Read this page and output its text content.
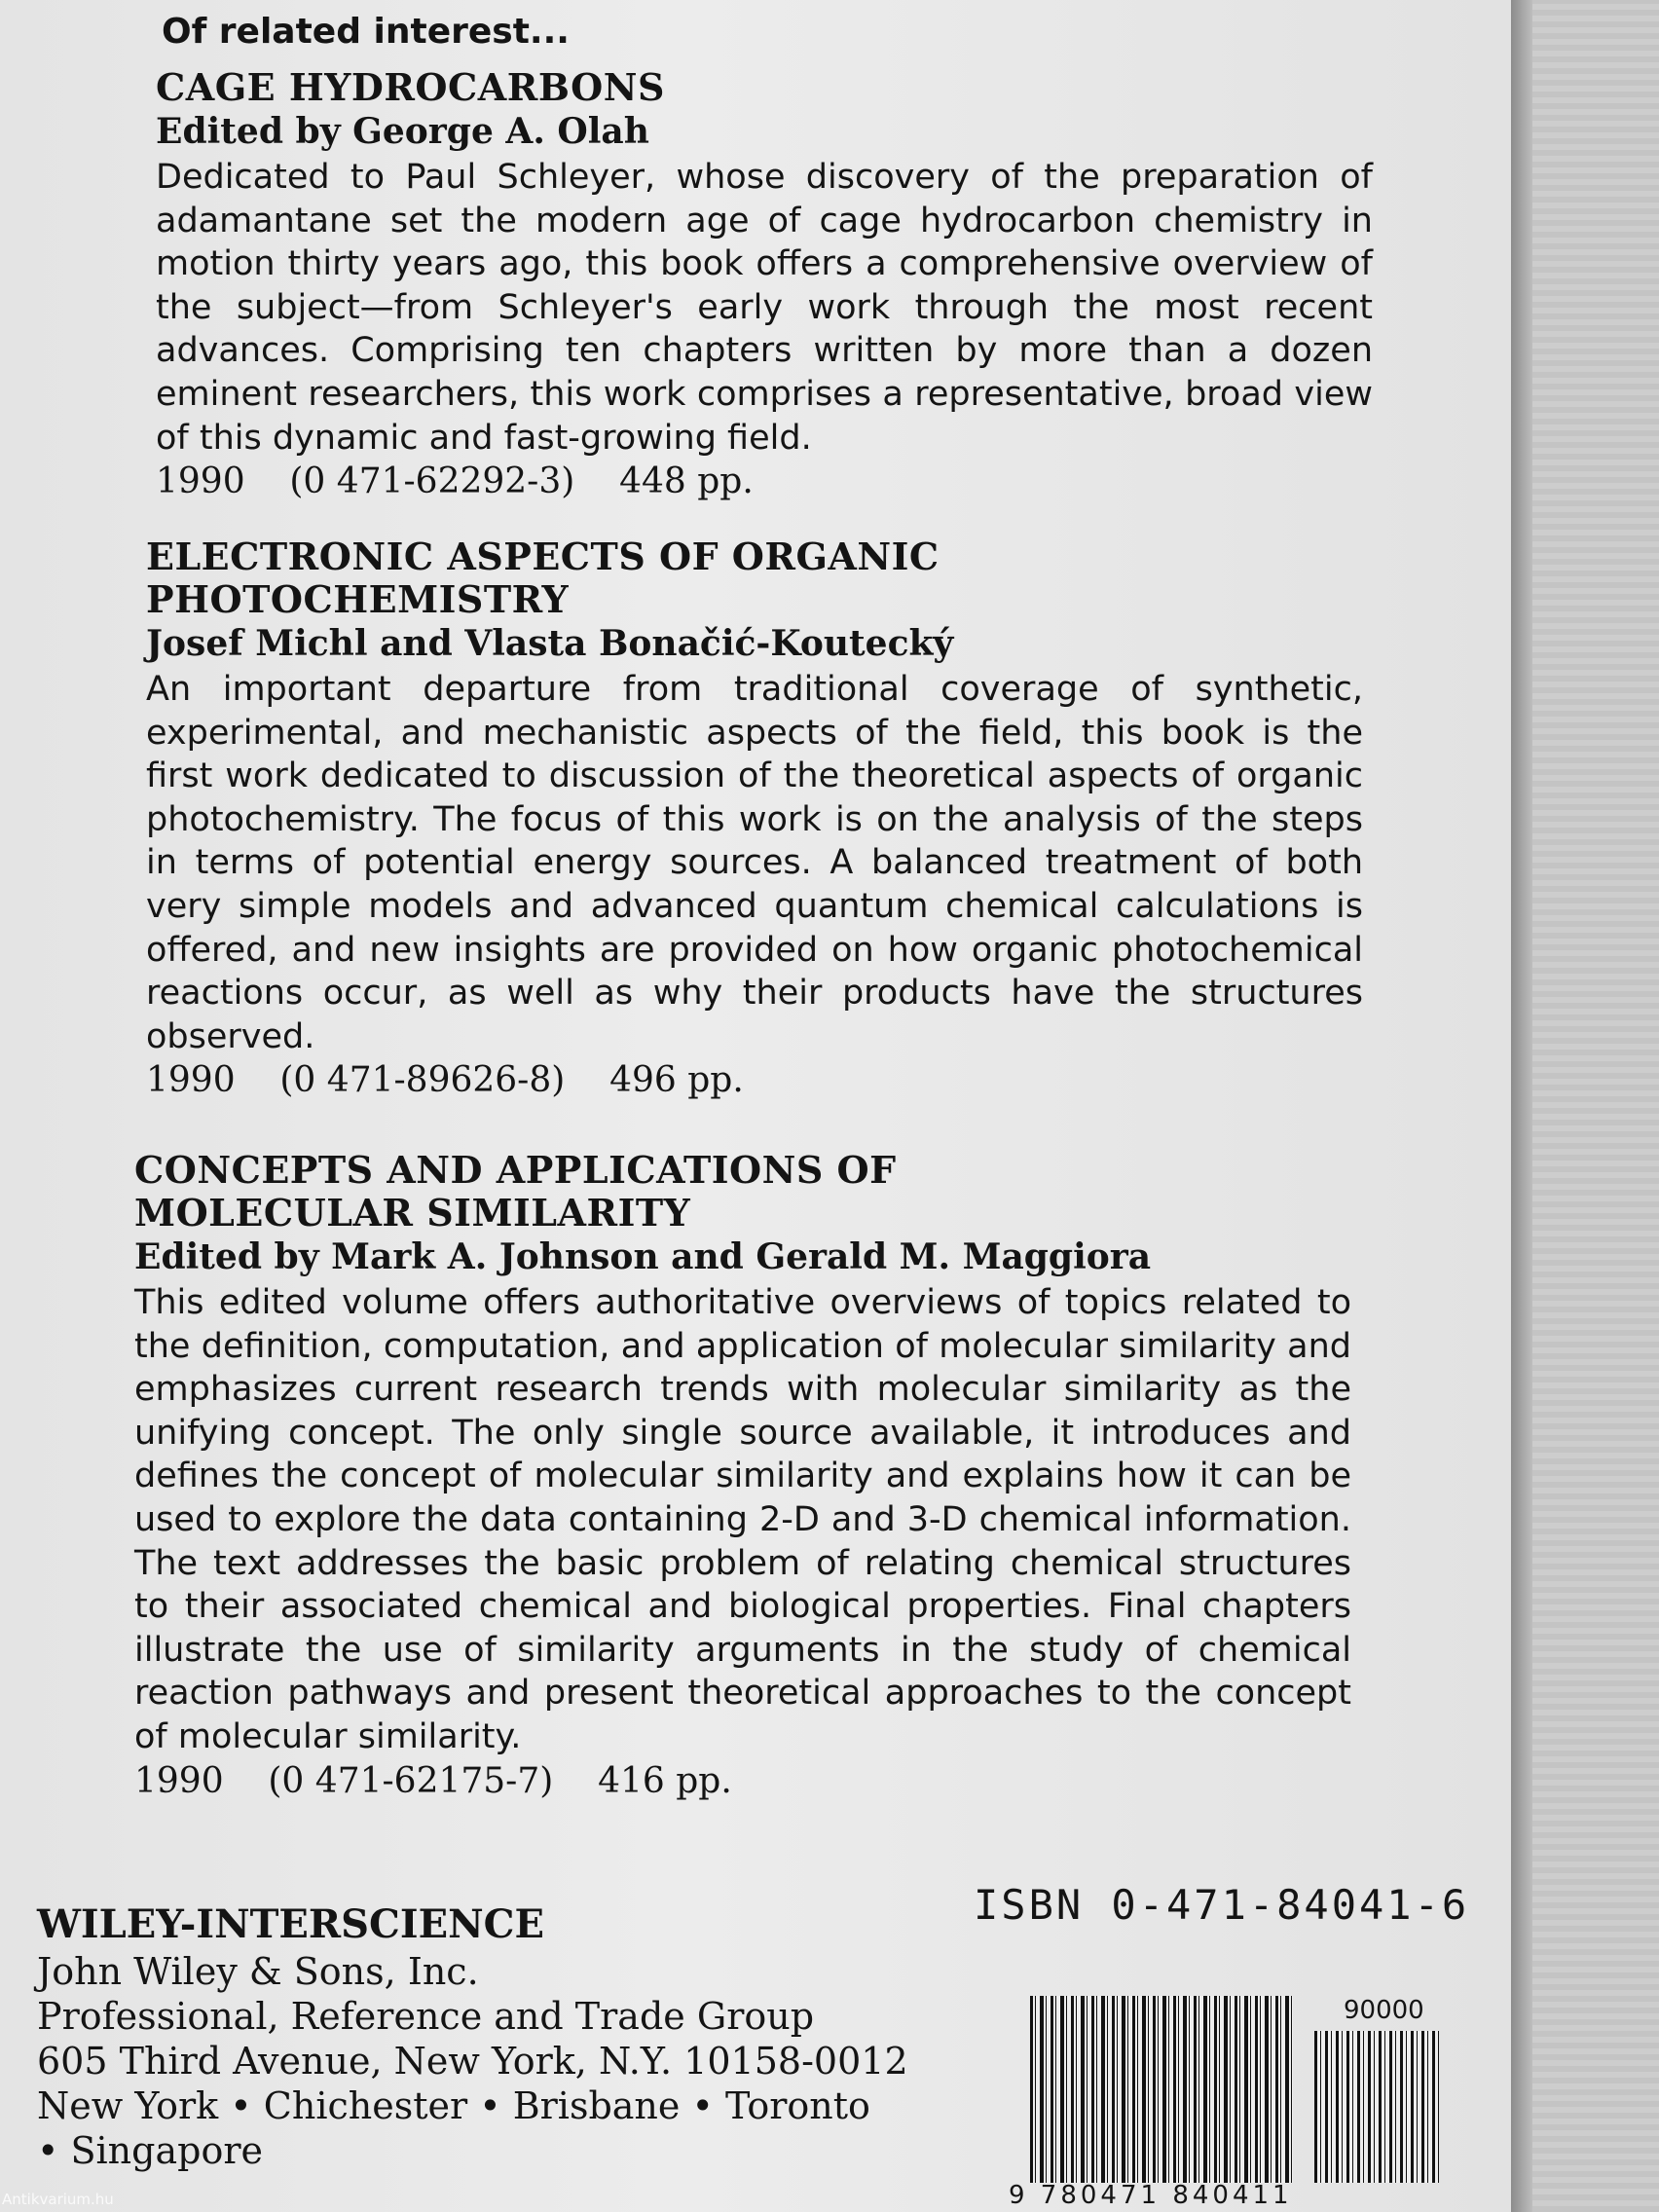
Of related interest...
CAGE HYDROCARBONS
Edited by George A. Olah
Dedicated to Paul Schleyer, whose discovery of the preparation of adamantane set the modern age of cage hydrocarbon chemistry in motion thirty years ago, this book offers a comprehensive overview of the subject—from Schleyer's early work through the most recent advances. Comprising ten chapters written by more than a dozen eminent researchers, this work comprises a representative, broad view of this dynamic and fast-growing field.
1990    (0 471-62292-3)    448 pp.
ELECTRONIC ASPECTS OF ORGANIC
PHOTOCHEMISTRY
Josef Michl and Vlasta Bonačić-Koutecký
An important departure from traditional coverage of synthetic, experimental, and mechanistic aspects of the field, this book is the first work dedicated to discussion of the theoretical aspects of organic photochemistry. The focus of this work is on the analysis of the steps in terms of potential energy sources. A balanced treatment of both very simple models and advanced quantum chemical calculations is offered, and new insights are provided on how organic photochemical reactions occur, as well as why their products have the structures observed.
1990    (0 471-89626-8)    496 pp.
CONCEPTS AND APPLICATIONS OF
MOLECULAR SIMILARITY
Edited by Mark A. Johnson and Gerald M. Maggiora
This edited volume offers authoritative overviews of topics related to the definition, computation, and application of molecular similarity and emphasizes current research trends with molecular similarity as the unifying concept. The only single source available, it introduces and defines the concept of molecular similarity and explains how it can be used to explore the data containing 2-D and 3-D chemical information. The text addresses the basic problem of relating chemical structures to their associated chemical and biological properties. Final chapters illustrate the use of similarity arguments in the study of chemical reaction pathways and present theoretical approaches to the concept of molecular similarity.
1990    (0 471-62175-7)    416 pp.
WILEY-INTERSCIENCE
John Wiley & Sons, Inc.
Professional, Reference and Trade Group
605 Third Avenue, New York, N.Y. 10158-0012
New York • Chichester • Brisbane • Toronto
• Singapore
ISBN 0-471-84041-6
90000
9 780471 840411
Antikvarium.hu
